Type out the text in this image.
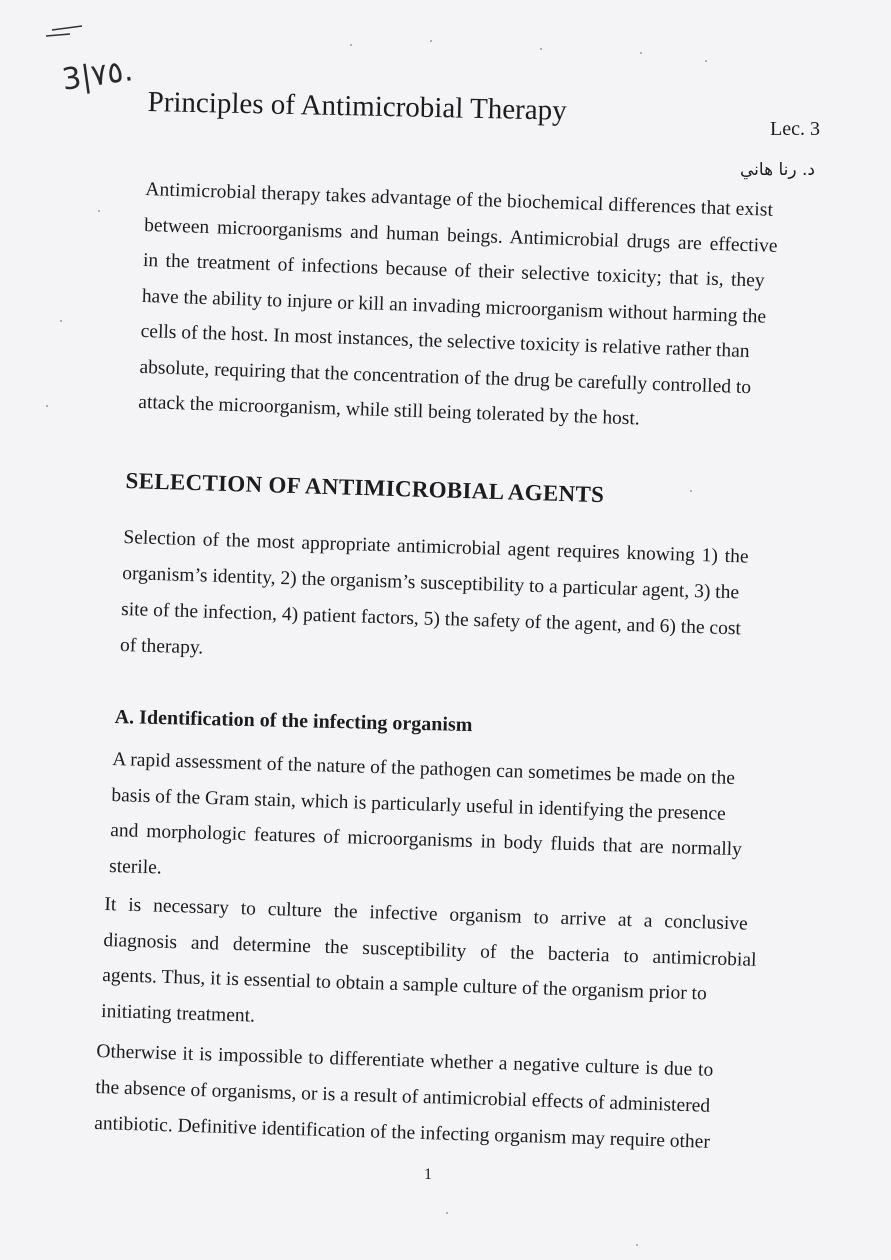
3|۷٥.
Principles of Antimicrobial Therapy
Lec. 3
د. رنا هاني
Antimicrobial therapy takes advantage of the biochemical differences that exist
between microorganisms and human beings. Antimicrobial drugs are effective
in the treatment of infections because of their selective toxicity; that is, they
have the ability to injure or kill an invading microorganism without harming the
cells of the host. In most instances, the selective toxicity is relative rather than
absolute, requiring that the concentration of the drug be carefully controlled to
attack the microorganism, while still being tolerated by the host.
SELECTION OF ANTIMICROBIAL AGENTS
Selection of the most appropriate antimicrobial agent requires knowing 1) the
organism’s identity, 2) the organism’s susceptibility to a particular agent, 3) the
site of the infection, 4) patient factors, 5) the safety of the agent, and 6) the cost
of therapy.
A. Identification of the infecting organism
A rapid assessment of the nature of the pathogen can sometimes be made on the
basis of the Gram stain, which is particularly useful in identifying the presence
and morphologic features of microorganisms in body fluids that are normally
sterile.
It is necessary to culture the infective organism to arrive at a conclusive
diagnosis and determine the susceptibility of the bacteria to antimicrobial
agents. Thus, it is essential to obtain a sample culture of the organism prior to
initiating treatment.
Otherwise it is impossible to differentiate whether a negative culture is due to
the absence of organisms, or is a result of antimicrobial effects of administered
antibiotic. Definitive identification of the infecting organism may require other
1
